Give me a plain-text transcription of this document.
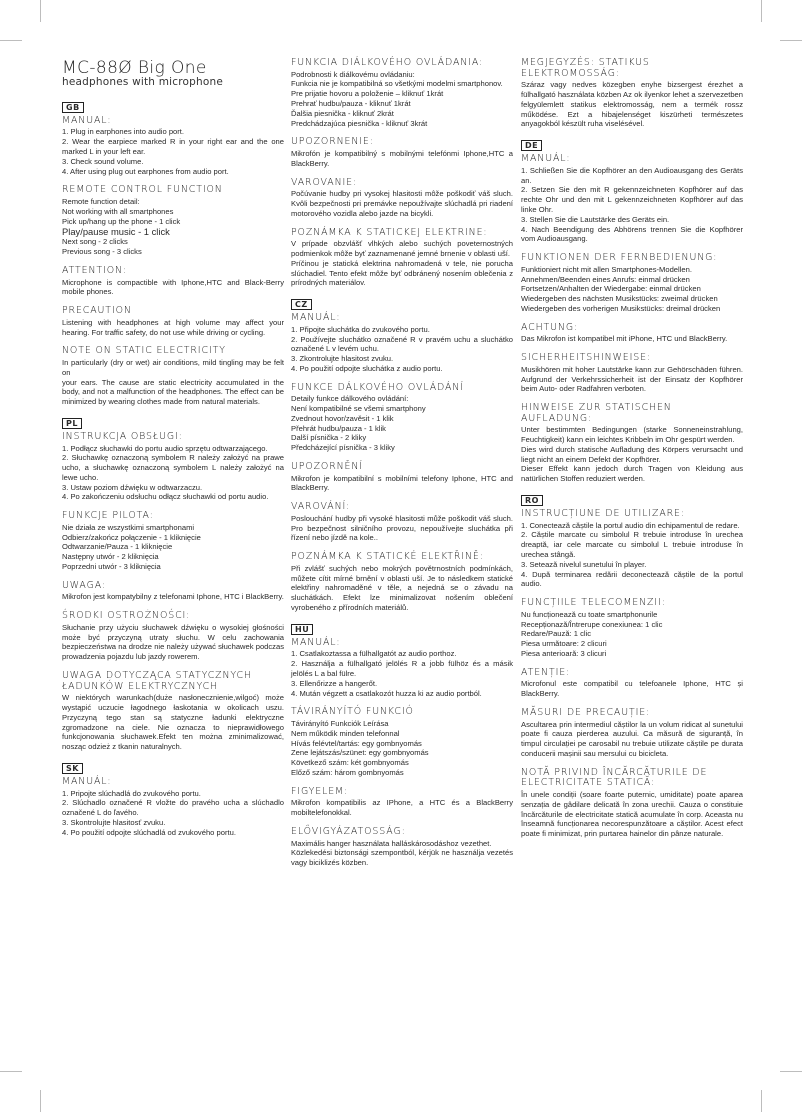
MC-88Ø Big One
headphones with microphone
GB
MANUAL:
1. Plug in earphones into audio port.
2. Wear the earpiece marked R in your right ear and the one marked L in your left ear.
3. Check sound volume.
4. After using plug out earphones from audio port.
REMOTE CONTROL FUNCTION
Remote function detail:
Not working with all smartphones
Pick up/hang up the phone - 1 click
Play/pause music - 1 click
Next song - 2 clicks
Previous song - 3 clicks
ATTENTION:
Microphone is compactible with Iphone,HTC and Black-Berry mobile phones.
PRECAUTION
Listening with headphones at high volume may affect your hearing. For traffic safety, do not use while driving or cycling.
NOTE ON STATIC ELECTRICITY
In particularly (dry or wet) air conditions, mild tingling may be felt on
your ears. The cause are static electricity accumulated in the body, and not a malfunction of the headphones. The effect can be minimized by wearing clothes made from natural materials.
PL
INSTRUKCJA OBSŁUGI:
1. Podłącz słuchawki do portu audio sprzętu odtwarzającego.
2. Słuchawkę oznaczoną symbolem R należy założyć na prawe ucho, a słuchawkę oznaczoną symbolem L należy założyć na lewe ucho.
3. Ustaw poziom dźwięku w odtwarzaczu.
4. Po zakończeniu odsłuchu odłącz słuchawki od portu audio.
FUNKCJE PILOTA:
Nie działa ze wszystkimi smartphonami
Odbierz/zakończ połączenie - 1 kliknięcie
Odtwarzanie/Pauza - 1 kliknięcie
Następny utwór - 2 kliknięcia
Poprzedni utwór - 3 kliknięcia
UWAGA:
Mikrofon jest kompatybilny z telefonami Iphone, HTC i BlackBerry.
ŚRODKI OSTROŻNOŚCI:
Słuchanie przy użyciu słuchawek dźwięku o wysokiej głośności może być przyczyną utraty słuchu. W celu zachowania bezpieczeństwa na drodze nie należy używać słuchawek podczas prowadzenia pojazdu lub jazdy rowerem.
UWAGA DOTYCZĄCA STATYCZNYCH ŁADUNKÓW ELEKTRYCZNYCH
W niektórych warunkach(duże nasłonecznienie,wilgoć) może wystąpić uczucie łagodnego łaskotania w okolicach uszu. Przyczyną tego stan są statyczne ładunki elektryczne zgromadzone na ciele. Nie oznacza to nieprawidłowego funkcjonowania słuchawek.Efekt ten można zminimalizować, nosząc odzież z tkanin naturalnych.
SK
MANUÁL:
1. Pripojte slúchadlá do zvukového portu.
2. Slúchadlo označené R vložte do pravého ucha a slúchadlo označené L do ľavého.
3. Skontrolujte hlasitosť zvuku.
4. Po použití odpojte slúchadlá od zvukového portu.
FUNKCIA DIÁLKOVÉHO OVLÁDANIA:
Podrobnosti k diálkovému ovládaniu:
Funkcia nie je kompatibilná so všetkými modelmi smartphonov.
Pre prijatie hovoru a položenie – kliknuť 1krát
Prehrať hudbu/pauza - kliknuť 1krát
Ďalšia piesnička - kliknuť 2krát
Predchádzajúca piesnička - kliknuť 3krát
UPOZORNENIE:
Mikrofón je kompatibilný s mobilnými telefónmi Iphone,HTC a BlackBerry.
VAROVANIE:
Počúvanie hudby pri vysokej hlasitosti môže poškodiť váš sluch. Kvôli bezpečnosti pri premávke nepoužívajte slúchadlá pri riadení motorového vozidla alebo jazde na bicykli.
POZNÁMKA K STATICKEJ ELEKTRINE:
V prípade obzvlášť vlhkých alebo suchých poveternostných podmienkok môže byť zaznamenané jemné brnenie v oblasti uší.
Príčinou je statická elektrina nahromadená v tele, nie porucha slúchadiel. Tento efekt môže byť odbránený nosením oblečenia z prírodných materiálov.
CZ
MANUÁL:
1. Připojte sluchátka do zvukového portu.
2. Používejte sluchátko označené R v pravém uchu a sluchátko označené L v levém uchu.
3. Zkontrolujte hlasitost zvuku.
4. Po použití odpojte sluchátka z audio portu.
FUNKCE DÁLKOVÉHO OVLÁDÁNÍ
Detaily funkce dálkového ovládání:
Není kompatibilné se všemi smartphony
Zvednout hovor/zavěsit - 1 klik
Přehrát hudbu/pauza - 1 klik
Další písnička - 2 kliky
Předcházející písnička - 3 kliky
UPOZORNĚNÍ
Mikrofon je kompatibilní s mobilními telefony Iphone, HTC and BlackBerry.
VAROVÁNÍ:
Poslouchání hudby při vysoké hlasitosti může poškodit váš sluch. Pro bezpečnost silničního provozu, nepoužívejte sluchátka při řízení nebo jízdě na kole..
POZNÁMKA K STATICKÉ ELEKTŘINĚ:
Při zvlášť suchých nebo mokrých povětrnostních podmínkách, můžete cítit mírné brnění v oblasti uší. Je to následkem statické elektřiny nahromaděné v těle, a nejedná se o závadu na sluchátkách. Efekt lze minimalizovat nošením oblečení vyrobeného z přírodních materiálů.
HU
MANUÁL:
1. Csatlakoztassa a fülhallgatót az audio porthoz.
2. Használja a fülhallgató jelölés R a jobb fülhöz és a másik jelölés L a bal fülre.
3. Ellenőrizze a hangerőt.
4. Mután végzett a csatlakozót huzza ki az audio portból.
TÁVIRÁNYÍTÓ FUNKCIÓ
Távirányító Funkciók Leírása
Nem működik minden telefonnal
Hívás felévtel/tartás: egy gombnyomás
Zene lejátszás/szünet: egy gombnyomás
Következő szám: két gombnyomás
Előző szám: három gombnyomás
FIGYELEM:
Mikrofon kompatibilis az IPhone, a HTC és a BlackBerry mobiltelefonokkal.
ELŐVIGYÁZATOSSÁG:
Maximális hanger használata halláskárosodáshoz vezethet.
Közlekedési biztonsági szempontból, kérjük ne használja vezetés vagy biciklizés közben.
MEGJEGYZÉS: STATIKUS ELEKTROMOSSÁG:
Száraz vagy nedves közegben enyhe bizsergest érezhet a fülhallgató használata közben Az ok ilyenkor lehet a szervezetben felgyülemlett statikus elektromosság, nem a termék rossz működése. Ezt a hibajelenséget kiszürheti természetes anyagokból készült ruha viselésével.
DE
MANUÁL:
1. Schließen Sie die Kopfhörer an den Audioausgang des Geräts an.
2. Setzen Sie den mit R gekennzeichneten Kopfhörer auf das rechte Ohr und den mit L gekennzeichneten Kopfhörer auf das linke Ohr.
3. Stellen Sie die Lautstärke des Geräts ein.
4. Nach Beendigung des Abhörens trennen Sie die Kopfhörer vom Audioausgang.
FUNKTIONEN DER FERNBEDIENUNG:
Funktioniert nicht mit allen Smartphones-Modellen.
Annehmen/Beenden eines Anrufs: einmal drücken
Fortsetzen/Anhalten der Wiedergabe: einmal drücken
Wiedergeben des nächsten Musikstücks: zweimal drücken
Wiedergeben des vorherigen Musikstücks: dreimal drücken
ACHTUNG:
Das Mikrofon ist kompatibel mit iPhone, HTC und BlackBerry.
SICHERHEITSHINWEISE:
Musikhören mit hoher Lautstärke kann zur Gehörschäden führen. Aufgrund der Verkehrssicherheit ist der Einsatz der Kopfhörer beim Auto- oder Radfahren verboten.
HINWEISE ZUR STATISCHEN AUFLADUNG:
Unter bestimmten Bedingungen (starke Sonneneinstrahlung, Feuchtigkeit) kann ein leichtes Kribbeln im Ohr gespürt werden.
Dies wird durch statische Aufladung des Körpers verursacht und liegt nicht an einem Defekt der Kopfhörer.
Dieser Effekt kann jedoch durch Tragen von Kleidung aus natürlichen Stoffen reduziert werden.
RO
INSTRUCȚIUNE DE UTILIZARE:
1. Conectează căștile la portul audio din echipamentul de redare.
2. Căștile marcate cu simbolul R trebuie introduse în urechea dreaptă, iar cele marcate cu simbolul L trebuie introduse în urechea stângă.
3. Setează nivelul sunetului în player.
4. După terminarea redării deconectează căștile de la portul audio.
FUNCȚIILE TELECOMENZII:
Nu funcționează cu toate smartphonurile
Recepționază/Întrerupe conexiunea: 1 clic
Redare/Pauză: 1 clic
Piesa următoare: 2 clicuri
Piesa anterioară: 3 clicuri
ATENȚIE:
Microfonul este compatibil cu telefoanele Iphone, HTC și BlackBerry.
MĂSURI DE PRECAUȚIE:
Ascultarea prin intermediul căștilor la un volum ridicat al sunetului poate fi cauza pierderea auzului. Ca măsură de siguranță, în timpul circulației pe carosabil nu trebuie utilizate căștile pe durata conducerii mașinii sau mersului cu bicicleta.
NOTĂ PRIVIND ÎNCĂRCĂTURILE DE ELECTRICITATE STATICĂ:
În unele condiții (soare foarte puternic, umiditate) poate aparea senzația de gâdilare delicată în zona urechii. Cauza o constituie încărcăturile de electricitate statică acumulate în corp. Aceasta nu înseamnă funcționarea necorespunzătoare a căștilor. Acest efect poate fi minimizat, prin purtarea hainelor din pânze naturale.
